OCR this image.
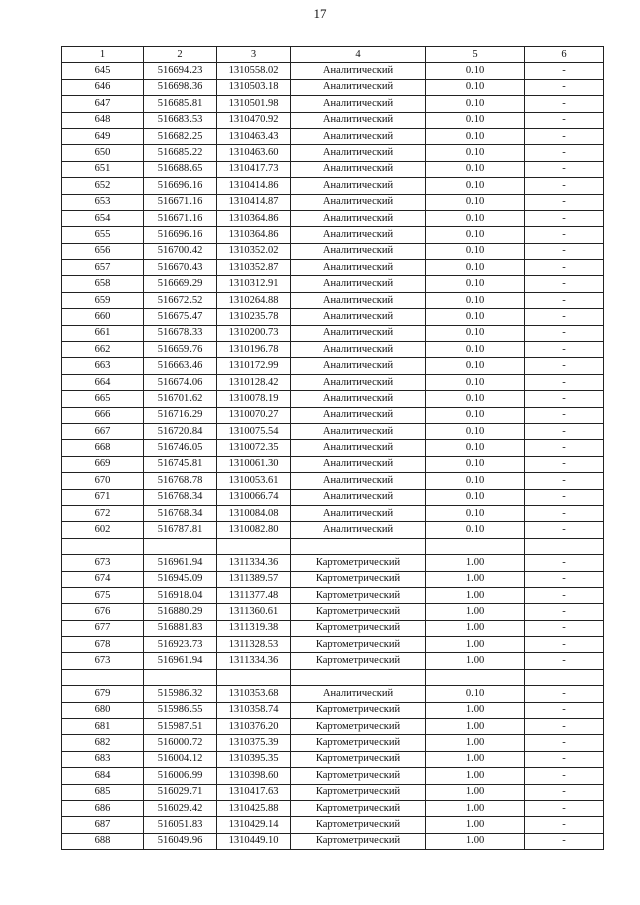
17
1	2	3	4	5	6
645	516694.23	1310558.02	Аналитический	0.10	-
646	516698.36	1310503.18	Аналитический	0.10	-
647	516685.81	1310501.98	Аналитический	0.10	-
648	516683.53	1310470.92	Аналитический	0.10	-
649	516682.25	1310463.43	Аналитический	0.10	-
650	516685.22	1310463.60	Аналитический	0.10	-
651	516688.65	1310417.73	Аналитический	0.10	-
652	516696.16	1310414.86	Аналитический	0.10	-
653	516671.16	1310414.87	Аналитический	0.10	-
654	516671.16	1310364.86	Аналитический	0.10	-
655	516696.16	1310364.86	Аналитический	0.10	-
656	516700.42	1310352.02	Аналитический	0.10	-
657	516670.43	1310352.87	Аналитический	0.10	-
658	516669.29	1310312.91	Аналитический	0.10	-
659	516672.52	1310264.88	Аналитический	0.10	-
660	516675.47	1310235.78	Аналитический	0.10	-
661	516678.33	1310200.73	Аналитический	0.10	-
662	516659.76	1310196.78	Аналитический	0.10	-
663	516663.46	1310172.99	Аналитический	0.10	-
664	516674.06	1310128.42	Аналитический	0.10	-
665	516701.62	1310078.19	Аналитический	0.10	-
666	516716.29	1310070.27	Аналитический	0.10	-
667	516720.84	1310075.54	Аналитический	0.10	-
668	516746.05	1310072.35	Аналитический	0.10	-
669	516745.81	1310061.30	Аналитический	0.10	-
670	516768.78	1310053.61	Аналитический	0.10	-
671	516768.34	1310066.74	Аналитический	0.10	-
672	516768.34	1310084.08	Аналитический	0.10	-
602	516787.81	1310082.80	Аналитический	0.10	-

673	516961.94	1311334.36	Картометрический	1.00	-
674	516945.09	1311389.57	Картометрический	1.00	-
675	516918.04	1311377.48	Картометрический	1.00	-
676	516880.29	1311360.61	Картометрический	1.00	-
677	516881.83	1311319.38	Картометрический	1.00	-
678	516923.73	1311328.53	Картометрический	1.00	-
673	516961.94	1311334.36	Картометрический	1.00	-

679	515986.32	1310353.68	Аналитический	0.10	-
680	515986.55	1310358.74	Картометрический	1.00	-
681	515987.51	1310376.20	Картометрический	1.00	-
682	516000.72	1310375.39	Картометрический	1.00	-
683	516004.12	1310395.35	Картометрический	1.00	-
684	516006.99	1310398.60	Картометрический	1.00	-
685	516029.71	1310417.63	Картометрический	1.00	-
686	516029.42	1310425.88	Картометрический	1.00	-
687	516051.83	1310429.14	Картометрический	1.00	-
688	516049.96	1310449.10	Картометрический	1.00	-
